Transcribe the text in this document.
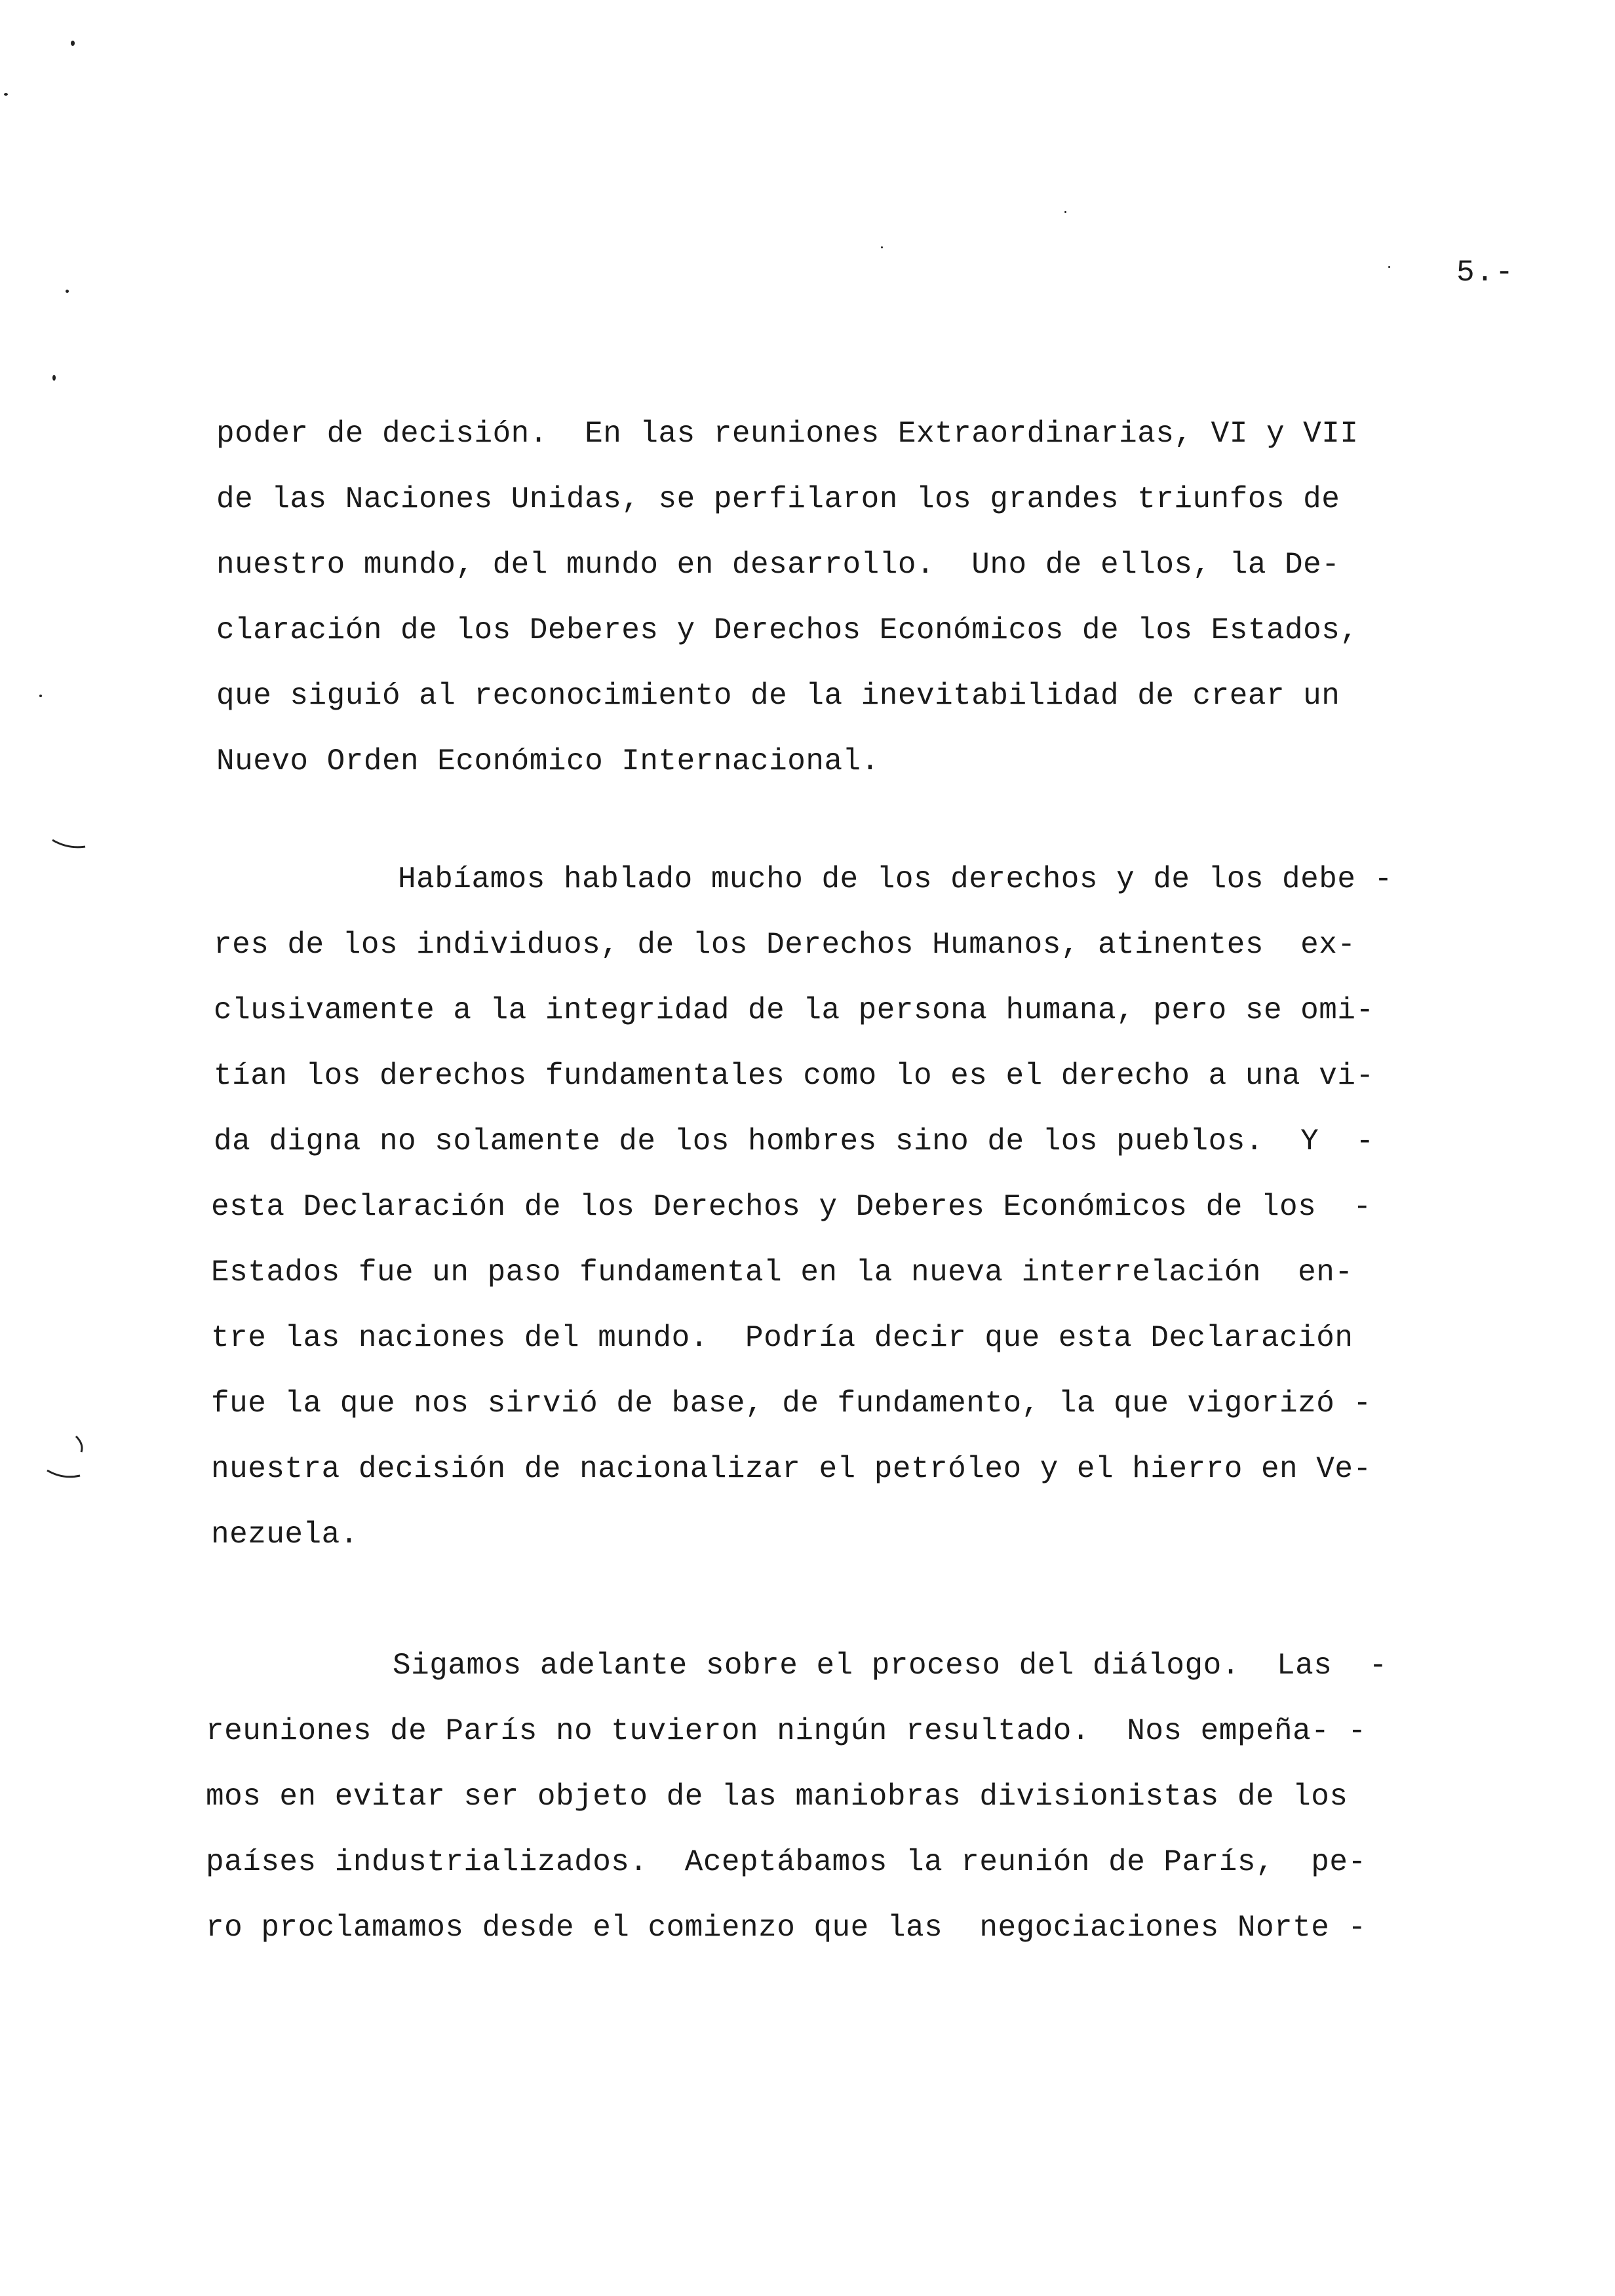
5.-
poder de decisión.  En las reuniones Extraordinarias, VI y VII
de las Naciones Unidas, se perfilaron los grandes triunfos de
nuestro mundo, del mundo en desarrollo.  Uno de ellos, la De-
claración de los Deberes y Derechos Económicos de los Estados,
que siguió al reconocimiento de la inevitabilidad de crear un
Nuevo Orden Económico Internacional.
Habíamos hablado mucho de los derechos y de los debe -
res de los individuos, de los Derechos Humanos, atinentes  ex-
clusivamente a la integridad de la persona humana, pero se omi-
tían los derechos fundamentales como lo es el derecho a una vi-
da digna no solamente de los hombres sino de los pueblos.  Y  -
esta Declaración de los Derechos y Deberes Económicos de los  -
Estados fue un paso fundamental en la nueva interrelación  en-
tre las naciones del mundo.  Podría decir que esta Declaración
fue la que nos sirvió de base, de fundamento, la que vigorizó -
nuestra decisión de nacionalizar el petróleo y el hierro en Ve-
nezuela.
Sigamos adelante sobre el proceso del diálogo.  Las  -
reuniones de París no tuvieron ningún resultado.  Nos empeña- -
mos en evitar ser objeto de las maniobras divisionistas de los
países industrializados.  Aceptábamos la reunión de París,  pe-
ro proclamamos desde el comienzo que las  negociaciones Norte -
